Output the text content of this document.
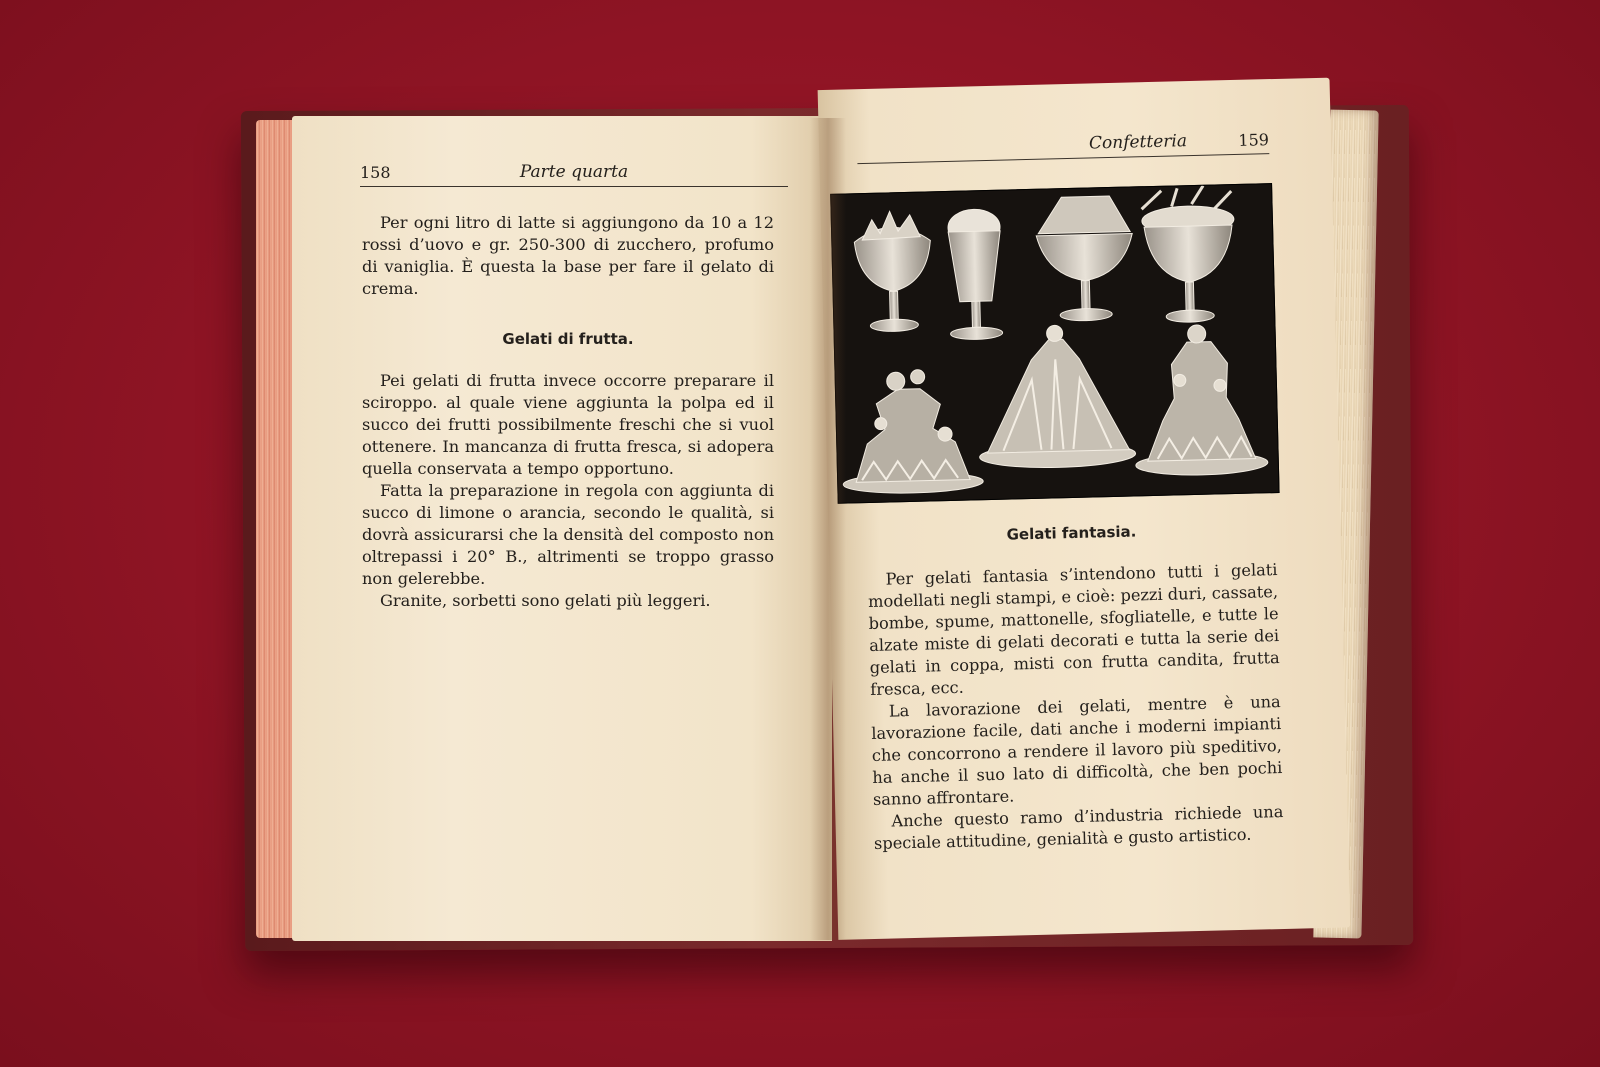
158	Parte quarta

Per ogni litro di latte si aggiungono da 10 a 12 rossi d’uovo e gr. 250-300 di zucchero, profumo di vaniglia. È questa la base per fare il gelato di crema.

Gelati di frutta.

Pei gelati di frutta invece occorre preparare il sciroppo. al quale viene aggiunta la polpa ed il succo dei frutti possibilmente freschi che si vuol ottenere. In mancanza di frutta fresca, si adopera quella conservata a tempo opportuno.

Fatta la preparazione in regola con aggiunta di succo di limone o arancia, secondo le qualità, si dovrà assicurarsi che la densità del composto non oltrepassi i 20° B., altrimenti se troppo grasso non gelerebbe.

Granite, sorbetti sono gelati più leggeri.

Confetteria	159
Gelati fantasia.

Per gelati fantasia s’intendono tutti i gelati modellati negli stampi, e cioè: pezzi duri, cassate, bombe, spume, mattonelle, sfogliatelle, e tutte le alzate miste di gelati decorati e tutta la serie dei gelati in coppa, misti con frutta candita, frutta fresca, ecc.

La lavorazione dei gelati, mentre è una lavorazione facile, dati anche i moderni impianti che concorrono a rendere il lavoro più speditivo, ha anche il suo lato di difficoltà, che ben pochi sanno affrontare.

Anche questo ramo d’industria richiede una speciale attitudine, genialità e gusto artistico.
